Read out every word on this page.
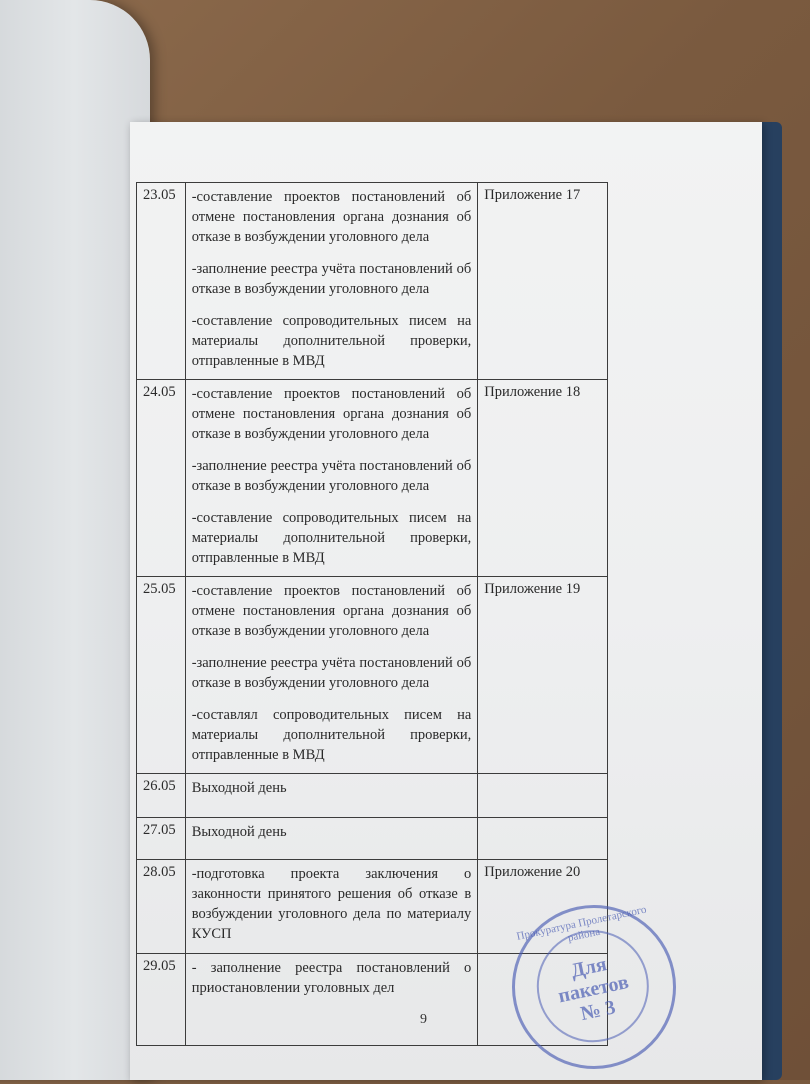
23.05	-составление проектов постановлений об отмене постановления органа дознания об отказе в возбуждении уголовного дела

-заполнение реестра учёта постановлений об отказе в возбуждении уголовного дела

-составление сопроводительных писем на материалы дополнительной проверки, отправленные в МВД	Приложение 17
24.05	-составление проектов постановлений об отмене постановления органа дознания об отказе в возбуждении уголовного дела

-заполнение реестра учёта постановлений об отказе в возбуждении уголовного дела

-составление сопроводительных писем на материалы дополнительной проверки, отправленные в МВД	Приложение 18
25.05	-составление проектов постановлений об отмене постановления органа дознания об отказе в возбуждении уголовного дела

-заполнение реестра учёта постановлений об отказе в возбуждении уголовного дела

-составлял сопроводительных писем на материалы дополнительной проверки, отправленные в МВД	Приложение 19
26.05	Выходной день	

27.05	Выходной день	

28.05	-подготовка проекта заключения о законности принятого решения об отказе в возбуждении уголовного дела по материалу КУСП	Приложение 20
29.05	- заполнение реестра постановлений о приостановлении уголовных дел	

9
Прокуратура Пролетарского района
Для пакетов № 3
